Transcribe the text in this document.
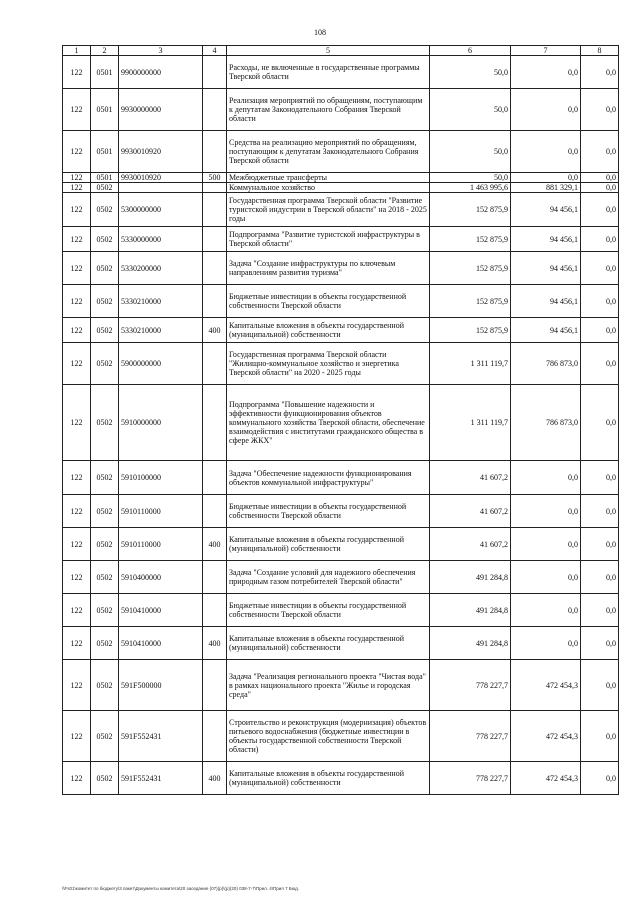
108
1	2	3	4	5	6	7	8
122	0501	9900000000		Расходы, не включенные в государственные программы Тверской области	50,0	0,0	0,0
122	0501	9930000000		Реализация мероприятий по обращениям, поступающим к депутатам Законодательного Собрания Тверской области	50,0	0,0	0,0
122	0501	9930010920		Средства на реализацию мероприятий по обращениям, поступающим к депутатам Законодательного Собрания Тверской области	50,0	0,0	0,0
122	0501	9930010920	500	Межбюджетные трансферты	50,0	0,0	0,0
122	0502			Коммунальное хозяйство	1 463 995,6	881 329,1	0,0
122	0502	5300000000		Государственная программа Тверской области "Развитие туристской индустрии в Тверской области" на 2018 - 2025 годы	152 875,9	94 456,1	0,0
122	0502	5330000000		Подпрограмма "Развитие туристской инфраструктуры в Тверской области"	152 875,9	94 456,1	0,0
122	0502	5330200000		Задача "Создание инфраструктуры по ключевым направлениям развития туризма"	152 875,9	94 456,1	0,0
122	0502	5330210000		Бюджетные инвестиции в объекты государственной собственности Тверской области	152 875,9	94 456,1	0,0
122	0502	5330210000	400	Капитальные вложения в объекты государственной (муниципальной) собственности	152 875,9	94 456,1	0,0
122	0502	5900000000		Государственная программа Тверской области "Жилищно-коммунальное хозяйство и энергетика Тверской области" на 2020 - 2025 годы	1 311 119,7	786 873,0	0,0
122	0502	5910000000		Подпрограмма "Повышение надежности и эффективности функционирования объектов коммунального хозяйства Тверской области, обеспечение взаимодействия с институтами гражданского общества в сфере ЖКХ"	1 311 119,7	786 873,0	0,0
122	0502	5910100000		Задача "Обеспечение надежности функционирования объектов коммунальной инфраструктуры"	41 607,2	0,0	0,0
122	0502	5910110000		Бюджетные инвестиции в объекты государственной собственности Тверской области	41 607,2	0,0	0,0
122	0502	5910110000	400	Капитальные вложения в объекты государственной (муниципальной) собственности	41 607,2	0,0	0,0
122	0502	5910400000		Задача "Создание условий для надежного обеспечения природным газом потребителей Тверской области"	491 284,8	0,0	0,0
122	0502	5910410000		Бюджетные инвестиции в объекты государственной собственности Тверской области	491 284,8	0,0	0,0
122	0502	5910410000	400	Капитальные вложения в объекты государственной (муниципальной) собственности	491 284,8	0,0	0,0
122	0502	591F500000		Задача "Реализация регионального проекта "Чистая вода" в рамках национального проекта "Жилье и городская среда"	778 227,7	472 454,3	0,0
122	0502	591F552431		Строительство и реконструкция (модернизация) объектов питьевого водоснабжения (бюджетные инвестиции в объекты государственной собственности Тверской области)	778 227,7	472 454,3	0,0
122	0502	591F552431	400	Капитальные вложения в объекты государственной (муниципальной) собственности	778 227,7	472 454,3	0,0
\\Fs01\комитет по бюджету\3 пакет\Документы комитета\20 заседание (07)(р)\(р)(20) 038-7-7\Прил. 4\Прил 7 Бюд.
